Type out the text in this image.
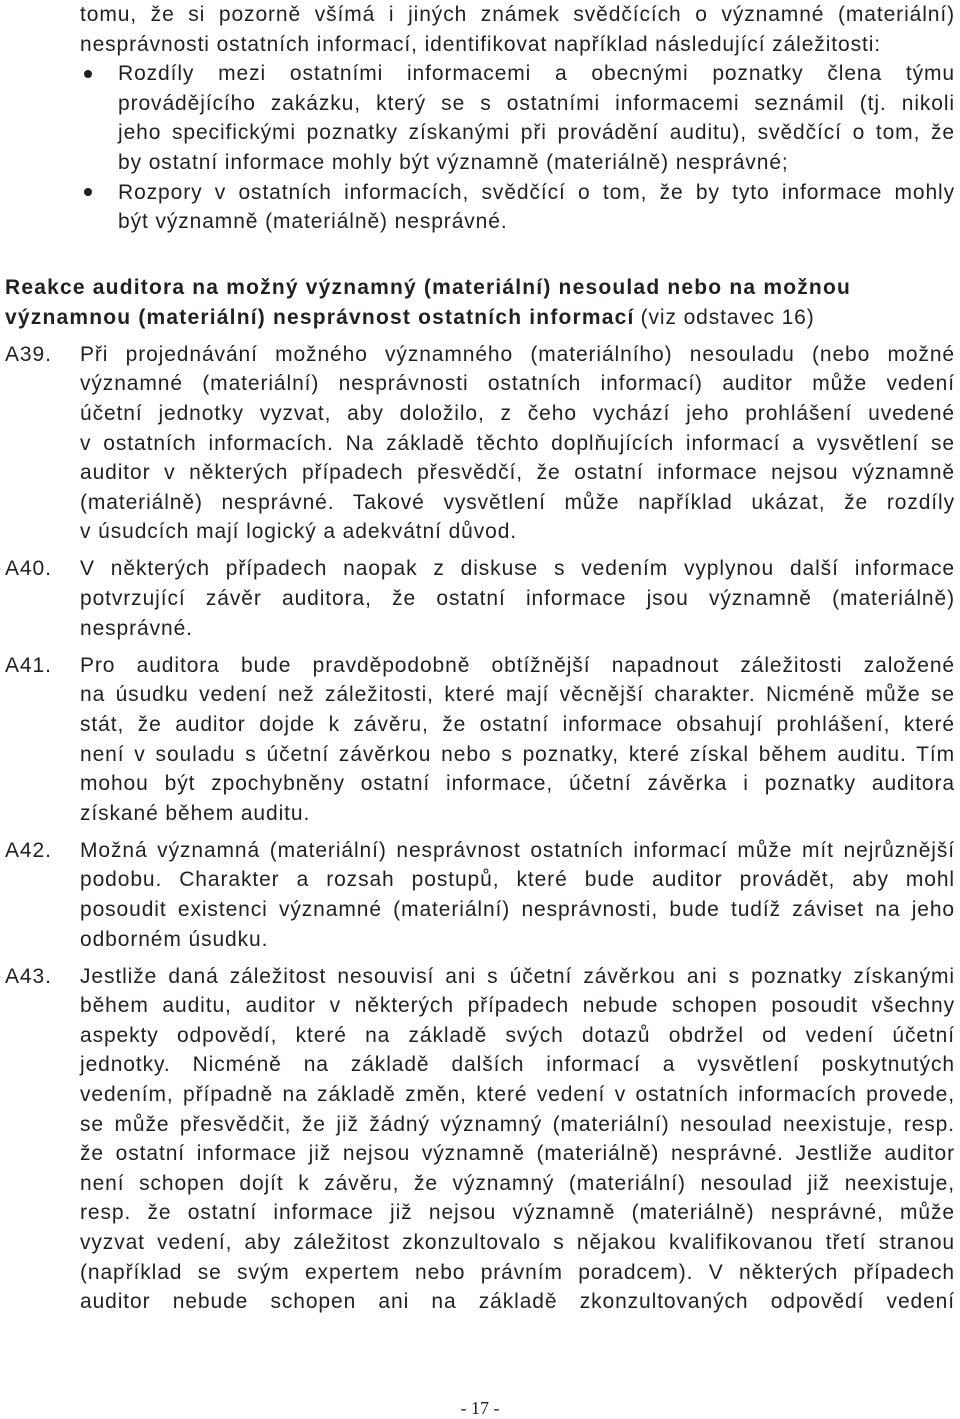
tomu, že si pozorně všímá i jiných známek svědčících o významné (materiální)
nesprávnosti ostatních informací, identifikovat například následující záležitosti:
Rozdíly mezi ostatními informacemi a obecnými poznatky člena týmu
provádějícího zakázku, který se s ostatními informacemi seznámil (tj. nikoli
jeho specifickými poznatky získanými při provádění auditu), svědčící o tom, že
by ostatní informace mohly být významně (materiálně) nesprávné;
Rozpory v ostatních informacích, svědčící o tom, že by tyto informace mohly
být významně (materiálně) nesprávné.
Reakce auditora na možný významný (materiální) nesoulad nebo na možnou
významnou (materiální) nesprávnost ostatních informací (viz odstavec 16)
A39. Při projednávání možného významného (materiálního) nesouladu (nebo možné
významné (materiální) nesprávnosti ostatních informací) auditor může vedení
účetní jednotky vyzvat, aby doložilo, z čeho vychází jeho prohlášení uvedené
v ostatních informacích. Na základě těchto doplňujících informací a vysvětlení se
auditor v některých případech přesvědčí, že ostatní informace nejsou významně
(materiálně) nesprávné. Takové vysvětlení může například ukázat, že rozdíly
v úsudcích mají logický a adekvátní důvod.
A40. V některých případech naopak z diskuse s vedením vyplynou další informace
potvrzující závěr auditora, že ostatní informace jsou významně (materiálně)
nesprávné.
A41. Pro auditora bude pravděpodobně obtížnější napadnout záležitosti založené
na úsudku vedení než záležitosti, které mají věcnější charakter. Nicméně může se
stát, že auditor dojde k závěru, že ostatní informace obsahují prohlášení, které
není v souladu s účetní závěrkou nebo s poznatky, které získal během auditu. Tím
mohou být zpochybněny ostatní informace, účetní závěrka i poznatky auditora
získané během auditu.
A42. Možná významná (materiální) nesprávnost ostatních informací může mít nejrůznější
podobu. Charakter a rozsah postupů, které bude auditor provádět, aby mohl
posoudit existenci významné (materiální) nesprávnosti, bude tudíž záviset na jeho
odborném úsudku.
A43. Jestliže daná záležitost nesouvisí ani s účetní závěrkou ani s poznatky získanými
během auditu, auditor v některých případech nebude schopen posoudit všechny
aspekty odpovědí, které na základě svých dotazů obdržel od vedení účetní
jednotky. Nicméně na základě dalších informací a vysvětlení poskytnutých
vedením, případně na základě změn, které vedení v ostatních informacích provede,
se může přesvědčit, že již žádný významný (materiální) nesoulad neexistuje, resp.
že ostatní informace již nejsou významně (materiálně) nesprávné. Jestliže auditor
není schopen dojít k závěru, že významný (materiální) nesoulad již neexistuje,
resp. že ostatní informace již nejsou významně (materiálně) nesprávné, může
vyzvat vedení, aby záležitost zkonzultovalo s nějakou kvalifikovanou třetí stranou
(například se svým expertem nebo právním poradcem). V některých případech
auditor nebude schopen ani na základě zkonzultovaných odpovědí vedení
- 17 -
